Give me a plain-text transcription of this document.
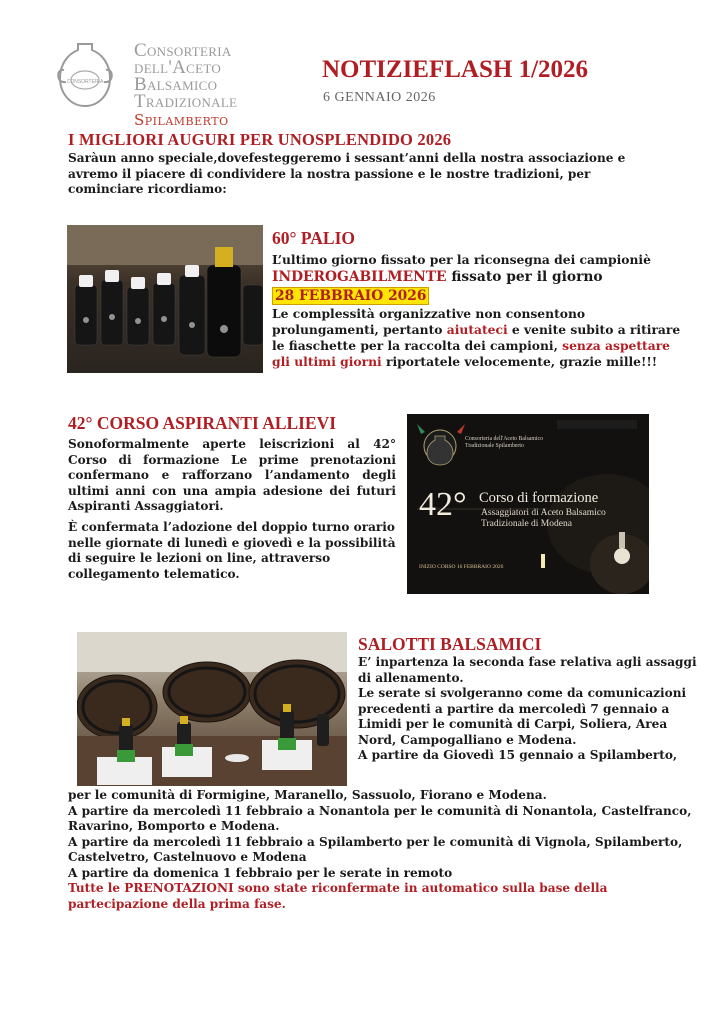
CONSORTERIA
Consorteria
dell'Aceto
Balsamico
Tradizionale
Spilamberto
NOTIZIEFLASH 1/2026
6 GENNAIO 2026
I MIGLIORI AUGURI PER UNOSPLENDIDO 2026
Saràun anno speciale,dovefesteggeremo i sessant’anni della nostra associazione e avremo il piacere di condividere la nostra passione e le nostre tradizioni, per cominciare ricordiamo:
60° PALIO
L’ultimo giorno fissato per la riconsegna dei campioniè
INDEROGABILMENTE fissato per il giorno
28 FEBBRAIO 2026
Le complessità organizzative non consentono prolungamenti, pertanto aiutateci e venite subito a ritirare le fiaschette per la raccolta dei campioni, senza aspettare gli ultimi giorni riportatele velocemente, grazie mille!!!
42° CORSO ASPIRANTI ALLIEVI
Sonoformalmente aperte leiscrizioni al 42° Corso di formazione Le prime prenotazioni confermano e rafforzano l’andamento degli ultimi anni con una ampia adesione dei futuri Aspiranti Assaggiatori.
È confermata l’adozione del doppio turno orario nelle giornate di lunedì e giovedì e la possibilità di seguire le lezioni on line, attraverso collegamento telematico.
Consorteria dell'Aceto Balsamico Tradizionale Spilamberto
42° Corso di formazione
Assaggiatori di Aceto Balsamico
Tradizionale di Modena
INIZIO CORSO 16 FEBBRAIO 2026
SALOTTI BALSAMICI
E’ inpartenza la seconda fase relativa agli assaggi di allenamento.
Le serate si svolgeranno come da comunicazioni precedenti a partire da mercoledì 7 gennaio a Limidi per le comunità di Carpi, Soliera, Area Nord, Campogalliano e Modena.
A partire da Giovedì 15 gennaio a Spilamberto,
per le comunità di Formigine, Maranello, Sassuolo, Fiorano e Modena.
A partire da mercoledì 11 febbraio a Nonantola per le comunità di Nonantola, Castelfranco, Ravarino, Bomporto e Modena.
A partire da mercoledì 11 febbraio a Spilamberto per le comunità di Vignola, Spilamberto, Castelvetro, Castelnuovo e Modena
A partire da domenica 1 febbraio per le serate in remoto
Tutte le PRENOTAZIONI sono state riconfermate in automatico sulla base della partecipazione della prima fase.
